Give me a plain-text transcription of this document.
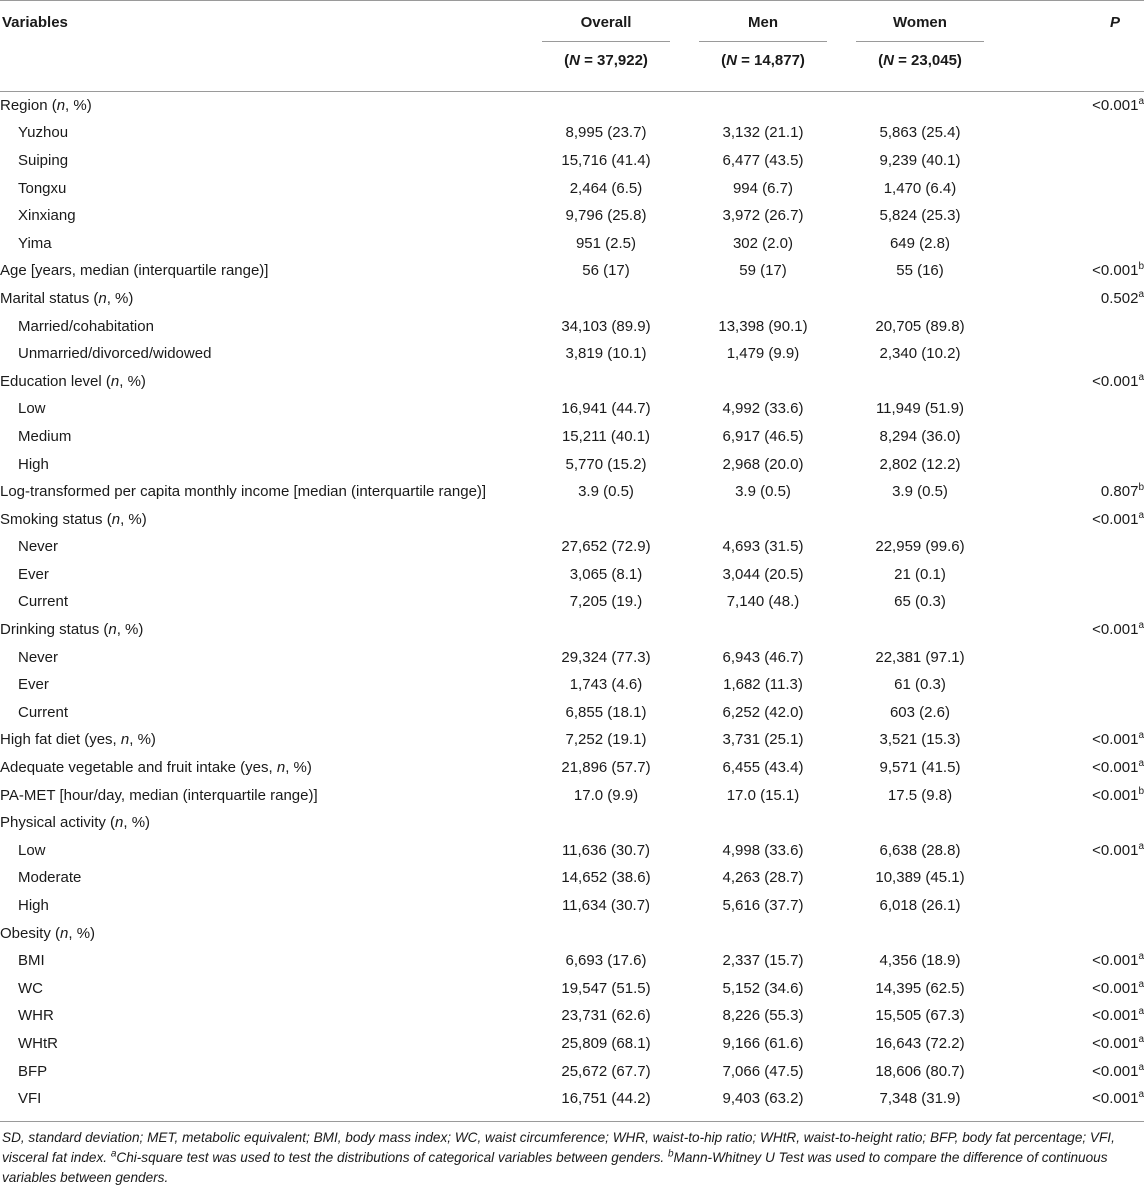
Variables	Overall	Men	Women	P
(N = 37,922)	(N = 14,877)	(N = 23,045)
Region (n, %)						<0.001$^a$
Yuzhou	8,995 (23.7)		3,132 (21.1)		5,863 (25.4)	
Suiping	15,716 (41.4)		6,477 (43.5)		9,239 (40.1)	
Tongxu	2,464 (6.5)		994 (6.7)		1,470 (6.4)	
Xinxiang	9,796 (25.8)		3,972 (26.7)		5,824 (25.3)	
Yima	951 (2.5)		302 (2.0)		649 (2.8)	
Age [years, median (interquartile range)]	56 (17)		59 (17)		55 (16)	<0.001$^b$
Marital status (n, %)						0.502$^a$
Married/cohabitation	34,103 (89.9)		13,398 (90.1)		20,705 (89.8)	
Unmarried/divorced/widowed	3,819 (10.1)		1,479 (9.9)		2,340 (10.2)	
Education level (n, %)						<0.001$^a$
Low	16,941 (44.7)		4,992 (33.6)		11,949 (51.9)	
Medium	15,211 (40.1)		6,917 (46.5)		8,294 (36.0)	
High	5,770 (15.2)		2,968 (20.0)		2,802 (12.2)	
Log-transformed per capita monthly income [median (interquartile range)]	3.9 (0.5)		3.9 (0.5)		3.9 (0.5)	0.807$^b$
Smoking status (n, %)						<0.001$^a$
Never	27,652 (72.9)		4,693 (31.5)		22,959 (99.6)	
Ever	3,065 (8.1)		3,044 (20.5)		21 (0.1)	
Current	7,205 (19.)		7,140 (48.)		65 (0.3)	
Drinking status (n, %)						<0.001$^a$
Never	29,324 (77.3)		6,943 (46.7)		22,381 (97.1)	
Ever	1,743 (4.6)		1,682 (11.3)		61 (0.3)	
Current	6,855 (18.1)		6,252 (42.0)		603 (2.6)	
High fat diet (yes, n, %)	7,252 (19.1)		3,731 (25.1)		3,521 (15.3)	<0.001$^a$
Adequate vegetable and fruit intake (yes, n, %)	21,896 (57.7)		6,455 (43.4)		9,571 (41.5)	<0.001$^a$
PA-MET [hour/day, median (interquartile range)]	17.0 (9.9)		17.0 (15.1)		17.5 (9.8)	<0.001$^b$
Physical activity (n, %)						
Low	11,636 (30.7)		4,998 (33.6)		6,638 (28.8)	<0.001$^a$
Moderate	14,652 (38.6)		4,263 (28.7)		10,389 (45.1)	
High	11,634 (30.7)		5,616 (37.7)		6,018 (26.1)	
Obesity (n, %)						
BMI	6,693 (17.6)		2,337 (15.7)		4,356 (18.9)	<0.001$^a$
WC	19,547 (51.5)		5,152 (34.6)		14,395 (62.5)	<0.001$^a$
WHR	23,731 (62.6)		8,226 (55.3)		15,505 (67.3)	<0.001$^a$
WHtR	25,809 (68.1)		9,166 (61.6)		16,643 (72.2)	<0.001$^a$
BFP	25,672 (67.7)		7,066 (47.5)		18,606 (80.7)	<0.001$^a$
VFI	16,751 (44.2)		9,403 (63.2)		7,348 (31.9)	<0.001$^a$
SD, standard deviation; MET, metabolic equivalent; BMI, body mass index; WC, waist circumference; WHR, waist-to-hip ratio; WHtR, waist-to-height ratio; BFP, body fat percentage; VFI, visceral fat index. $^a$Chi-square test was used to test the distributions of categorical variables between genders. $^b$Mann-Whitney U Test was used to compare the difference of continuous variables between genders.
